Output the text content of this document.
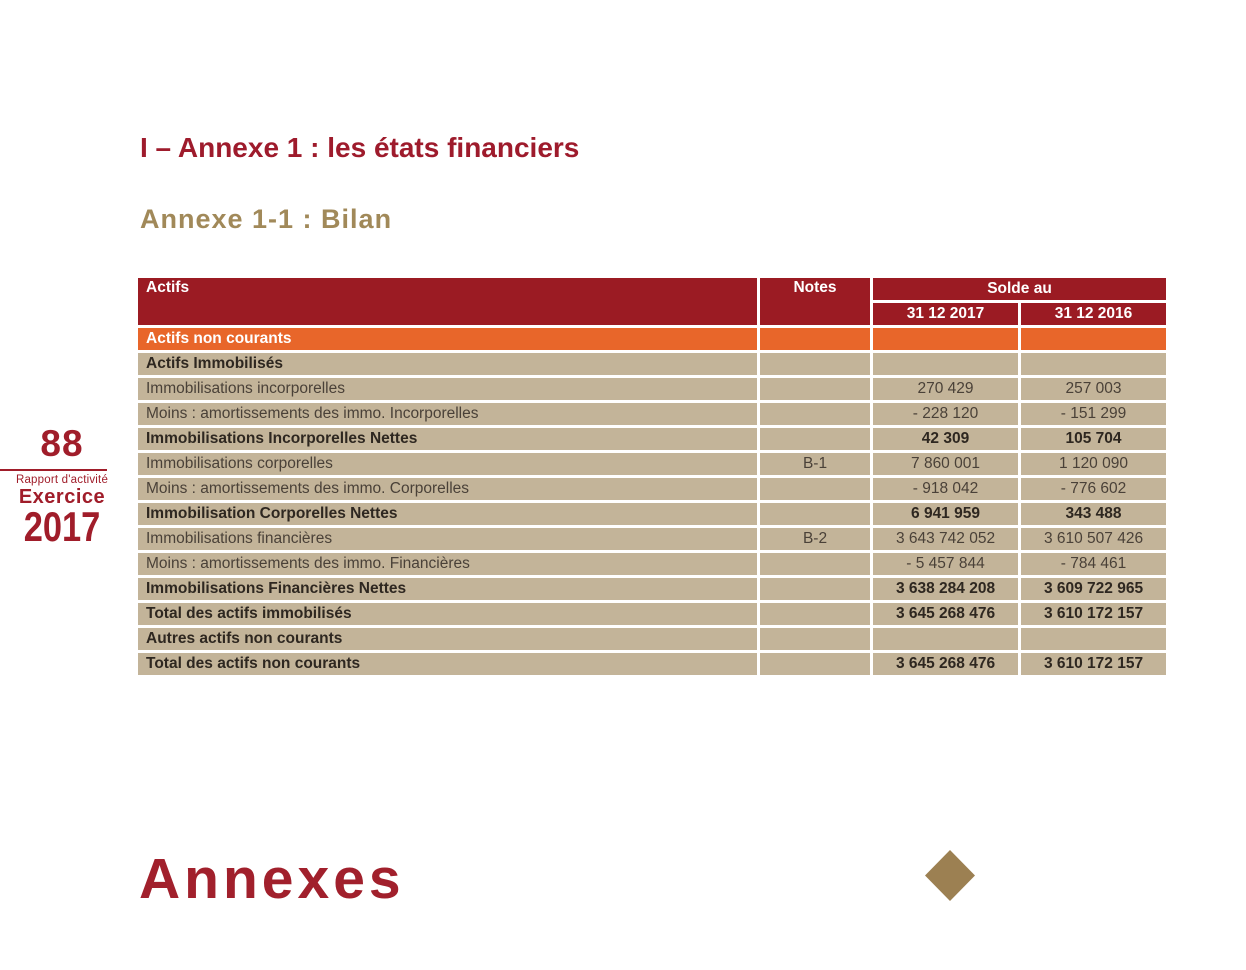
88
Rapport d'activité
Exercice
2017
I – Annexe 1 : les états financiers
Annexe 1-1 : Bilan
Actifs	Notes	Solde au	
		31 12 2017	31 12 2016
Actifs non courants			
Actifs Immobilisés			
Immobilisations incorporelles		270 429	257 003
Moins : amortissements des immo. Incorporelles		- 228 120	- 151 299
Immobilisations Incorporelles Nettes		42 309	105 704
Immobilisations corporelles	B-1	7 860 001	1 120 090
Moins : amortissements des immo. Corporelles		- 918 042	- 776 602
Immobilisation Corporelles Nettes		6 941 959	343 488
Immobilisations financières	B-2	3 643 742 052	3 610 507 426
Moins : amortissements des immo. Financières		- 5 457 844	- 784 461
Immobilisations Financières Nettes		3 638 284 208	3 609 722 965
Total des actifs immobilisés		3 645 268 476	3 610 172 157
Autres actifs non courants			
Total des actifs non courants		3 645 268 476	3 610 172 157
Annexes
